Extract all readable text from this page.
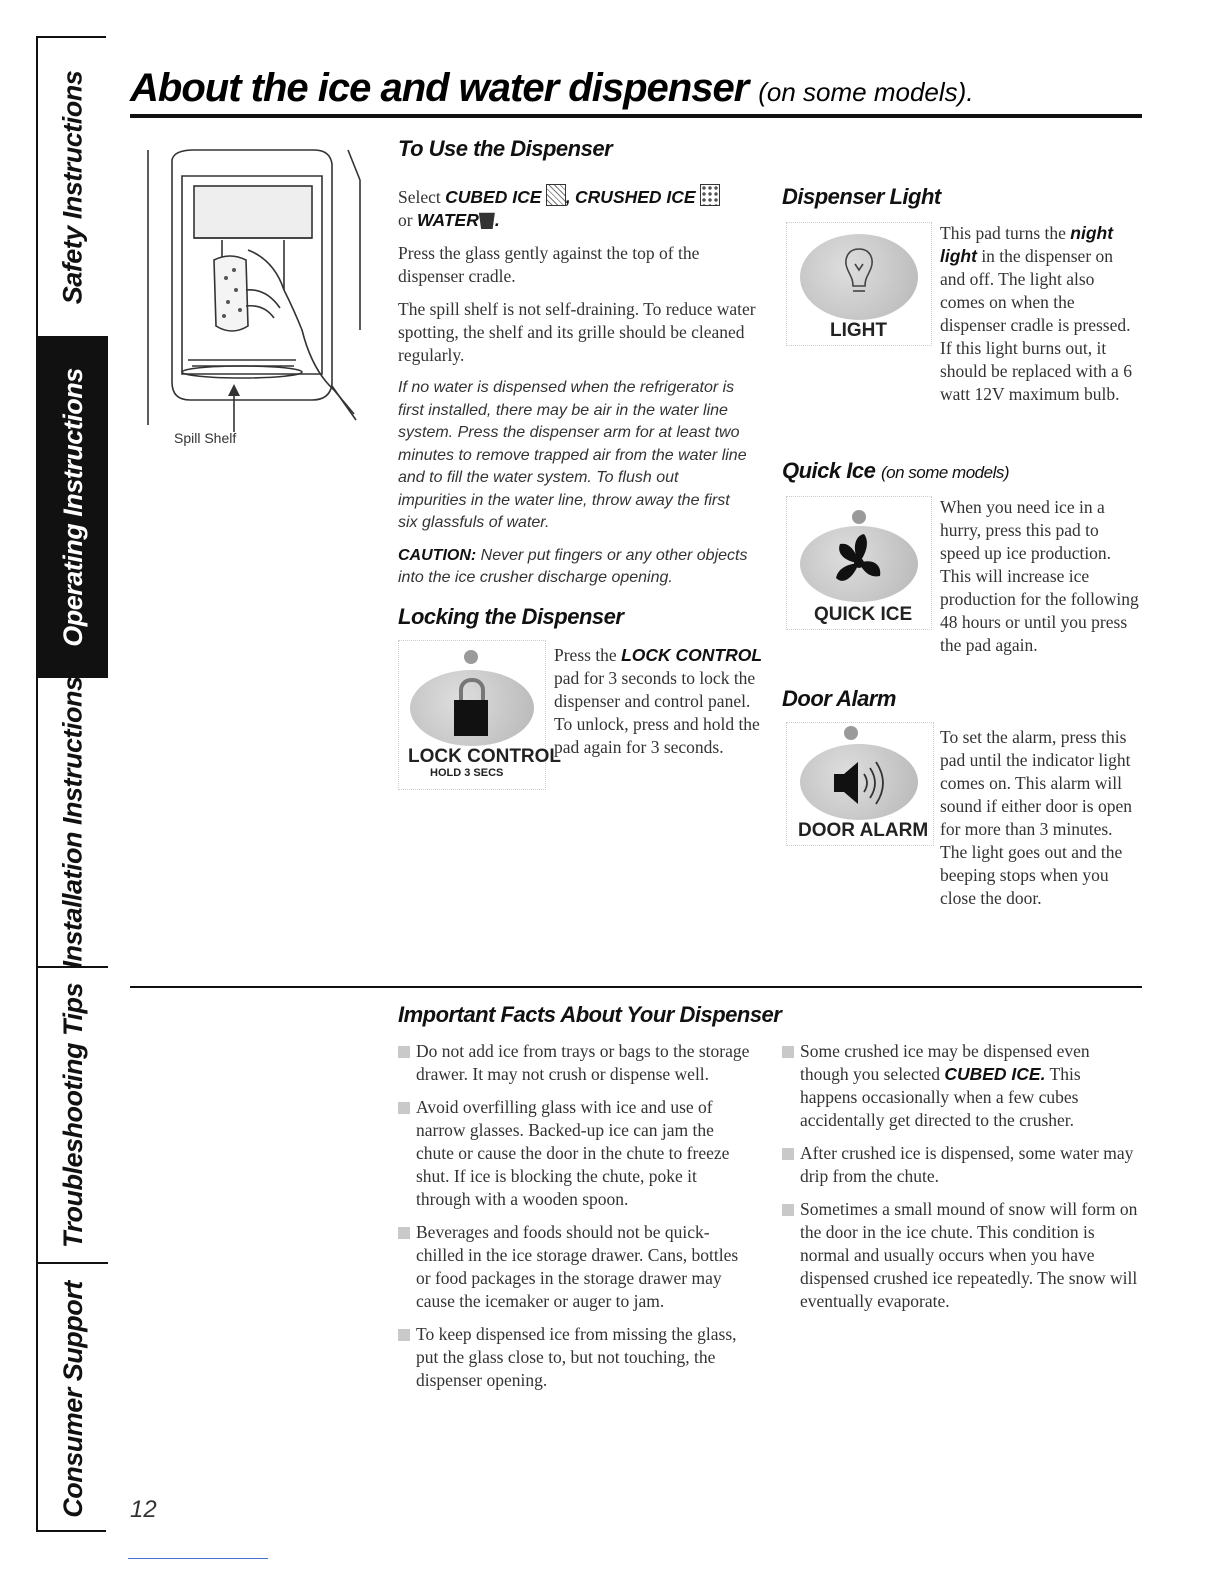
Safety Instructions
Operating Instructions
Installation Instructions
Troubleshooting Tips
Consumer Support
About the ice and water dispenser (on some models).
Spill Shelf
To Use the Dispenser

Select CUBED ICE , CRUSHED ICE
or WATER .

Press the glass gently against the top of the dispenser cradle.

The spill shelf is not self-draining. To reduce water spotting, the shelf and its grille should be cleaned regularly.

If no water is dispensed when the refrigerator is first installed, there may be air in the water line system. Press the dispenser arm for at least two minutes to remove trapped air from the water line and to fill the water system. To flush out impurities in the water line, throw away the first six glassfuls of water.

CAUTION: Never put fingers or any other objects into the ice crusher discharge opening.

Locking the Dispenser
LOCK CONTROL
HOLD 3 SECS
Press the LOCK CONTROL pad for 3 seconds to lock the dispenser and control panel. To unlock, press and hold the pad again for 3 seconds.
Dispenser Light
LIGHT
This pad turns the night light in the dispenser on and off. The light also comes on when the dispenser cradle is pressed. If this light burns out, it should be replaced with a 6 watt 12V maximum bulb.
Quick Ice (on some models)
QUICK ICE
When you need ice in a hurry, press this pad to speed up ice production. This will increase ice production for the following 48 hours or until you press the pad again.
Door Alarm
DOOR ALARM
To set the alarm, press this pad until the indicator light comes on. This alarm will sound if either door is open for more than 3 minutes. The light goes out and the beeping stops when you close the door.
Important Facts About Your Dispenser
Do not add ice from trays or bags to the storage drawer. It may not crush or dispense well.
Avoid overfilling glass with ice and use of narrow glasses. Backed-up ice can jam the chute or cause the door in the chute to freeze shut. If ice is blocking the chute, poke it through with a wooden spoon.
Beverages and foods should not be quick-chilled in the ice storage drawer. Cans, bottles or food packages in the storage drawer may cause the icemaker or auger to jam.
To keep dispensed ice from missing the glass, put the glass close to, but not touching, the dispenser opening.
Some crushed ice may be dispensed even though you selected CUBED ICE. This happens occasionally when a few cubes accidentally get directed to the crusher.
After crushed ice is dispensed, some water may drip from the chute.
Sometimes a small mound of snow will form on the door in the ice chute. This condition is normal and usually occurs when you have dispensed crushed ice repeatedly. The snow will eventually evaporate.
12
